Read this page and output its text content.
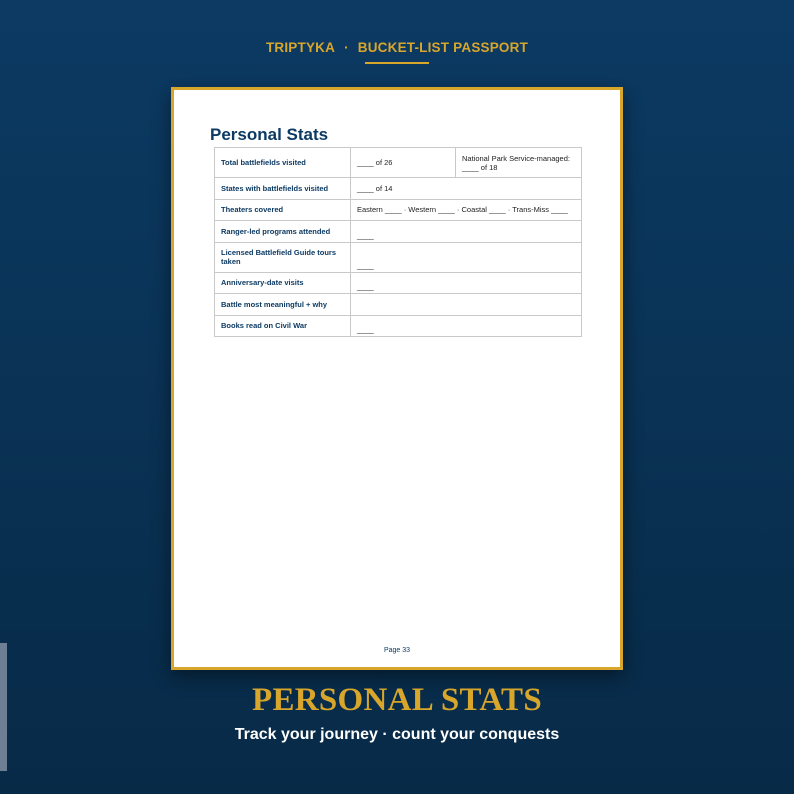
TRIPTYKA · BUCKET-LIST PASSPORT
Personal Stats
Total battlefields visited	____ of 26	National Park Service-managed: ____ of 18
States with battlefields visited	____ of 14	
Theaters covered	Eastern ____ · Western ____ · Coastal ____ · Trans-Miss ____	
Ranger-led programs attended	____	
Licensed Battlefield Guide tours taken	____	
Anniversary-date visits	____	
Battle most meaningful + why		
Books read on Civil War	____	
Page 33
PERSONAL STATS

Track your journey · count your conquests
